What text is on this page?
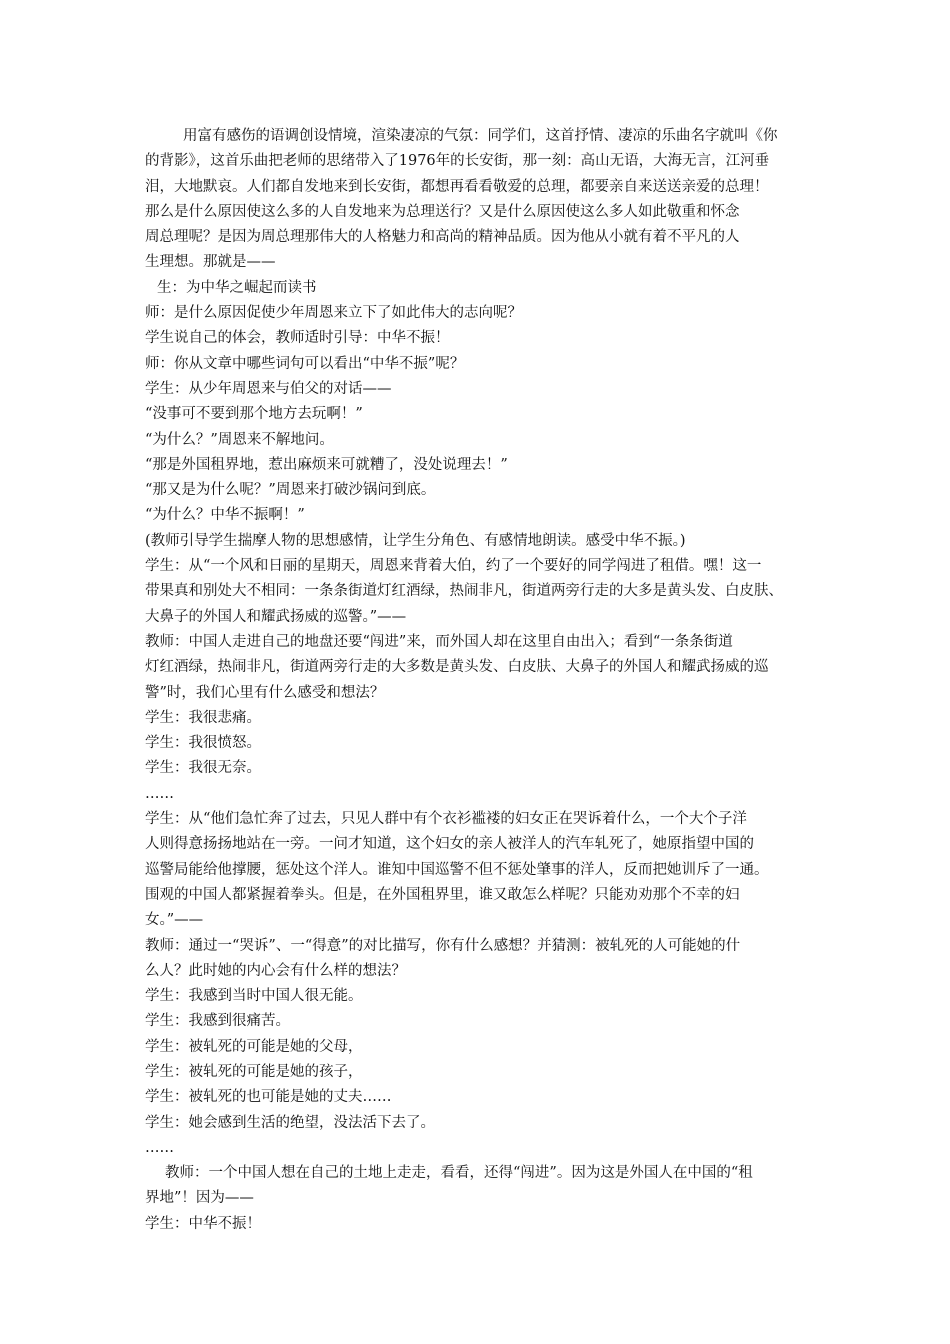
用富有感伤的语调创设情境，渲染凄凉的气氛：同学们，这首抒情、凄凉的乐曲名字就叫《你
的背影》，这首乐曲把老师的思绪带入了1976年的长安街，那一刻：高山无语，大海无言，江河垂
泪，大地默哀。人们都自发地来到长安街，都想再看看敬爱的总理，都要亲自来送送亲爱的总理！
那么是什么原因使这么多的人自发地来为总理送行？又是什么原因使这么多人如此敬重和怀念
周总理呢？是因为周总理那伟大的人格魅力和高尚的精神品质。因为他从小就有着不平凡的人
生理想。那就是——
生：为中华之崛起而读书
师：是什么原因促使少年周恩来立下了如此伟大的志向呢？
学生说自己的体会，教师适时引导：中华不振！
师：你从文章中哪些词句可以看出“中华不振”呢？
学生：从少年周恩来与伯父的对话——
“没事可不要到那个地方去玩啊！”
“为什么？”周恩来不解地问。
“那是外国租界地，惹出麻烦来可就糟了，没处说理去！”
“那又是为什么呢？”周恩来打破沙锅问到底。
“为什么？中华不振啊！”
(教师引导学生揣摩人物的思想感情，让学生分角色、有感情地朗读。感受中华不振。)
学生：从“一个风和日丽的星期天，周恩来背着大伯，约了一个要好的同学闯进了租借。嘿！这一
带果真和别处大不相同：一条条街道灯红酒绿，热闹非凡，街道两旁行走的大多是黄头发、白皮肤、
大鼻子的外国人和耀武扬威的巡警。”——
教师：中国人走进自己的地盘还要“闯进”来，而外国人却在这里自由出入；看到“一条条街道
灯红酒绿，热闹非凡，街道两旁行走的大多数是黄头发、白皮肤、大鼻子的外国人和耀武扬威的巡
警”时，我们心里有什么感受和想法？
学生：我很悲痛。
学生：我很愤怒。
学生：我很无奈。
……
学生：从“他们急忙奔了过去，只见人群中有个衣衫褴褛的妇女正在哭诉着什么，一个大个子洋
人则得意扬扬地站在一旁。一问才知道，这个妇女的亲人被洋人的汽车轧死了，她原指望中国的
巡警局能给他撑腰，惩处这个洋人。谁知中国巡警不但不惩处肇事的洋人，反而把她训斥了一通。
围观的中国人都紧握着拳头。但是，在外国租界里，谁又敢怎么样呢？只能劝劝那个不幸的妇
女。”——
教师：通过一“哭诉”、一“得意”的对比描写，你有什么感想？并猜测：被轧死的人可能她的什
么人？此时她的内心会有什么样的想法？
学生：我感到当时中国人很无能。
学生：我感到很痛苦。
学生：被轧死的可能是她的父母，
学生：被轧死的可能是她的孩子，
学生：被轧死的也可能是她的丈夫……
学生：她会感到生活的绝望，没法活下去了。
……
教师：一个中国人想在自己的土地上走走，看看，还得“闯进”。因为这是外国人在中国的“租
界地”！因为——
学生：中华不振！
